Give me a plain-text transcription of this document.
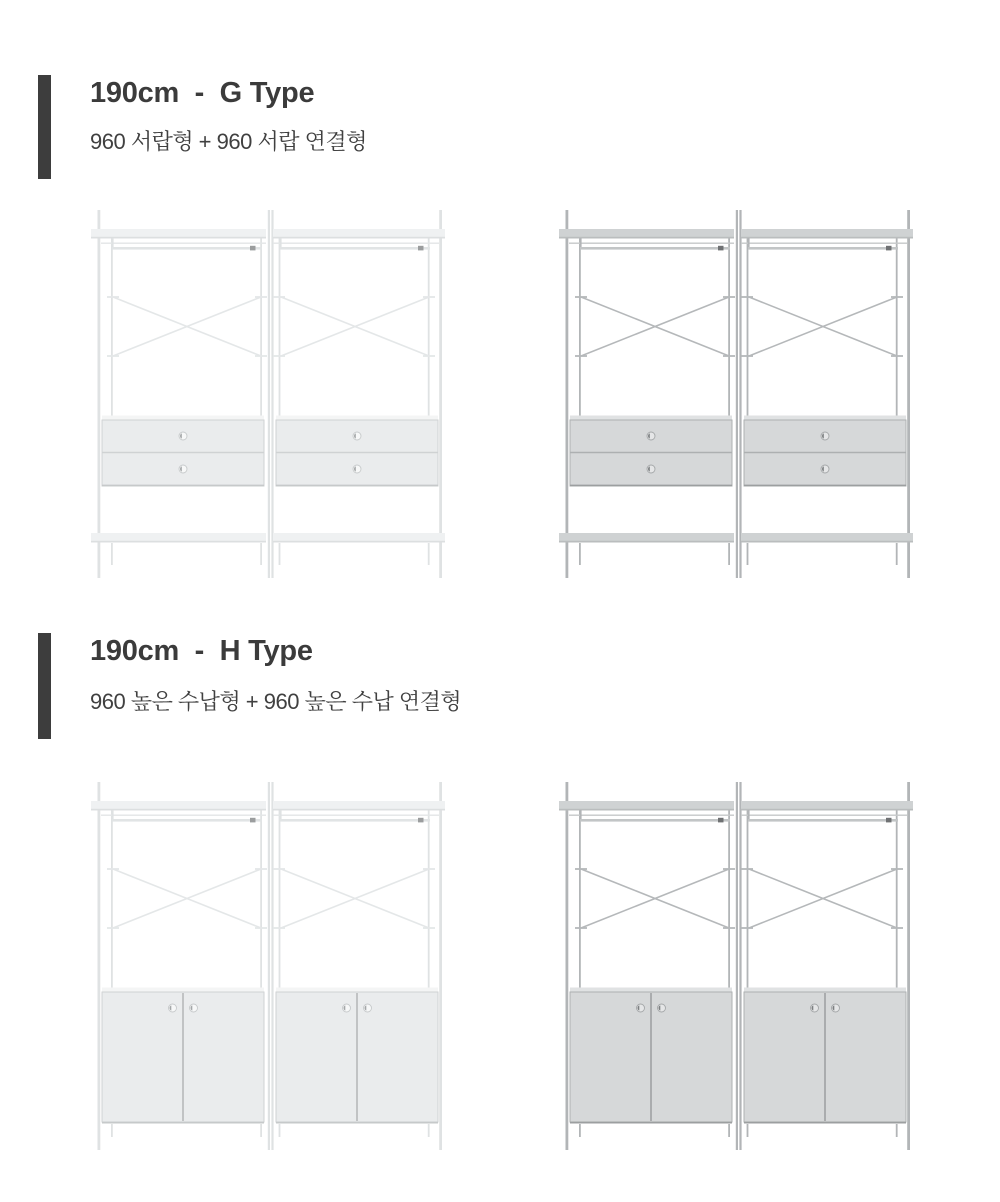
190cm  -  G Type

960 서랍형 + 960 서랍 연결형

190cm  -  H Type

960 높은 수납형 + 960 높은 수납 연결형
